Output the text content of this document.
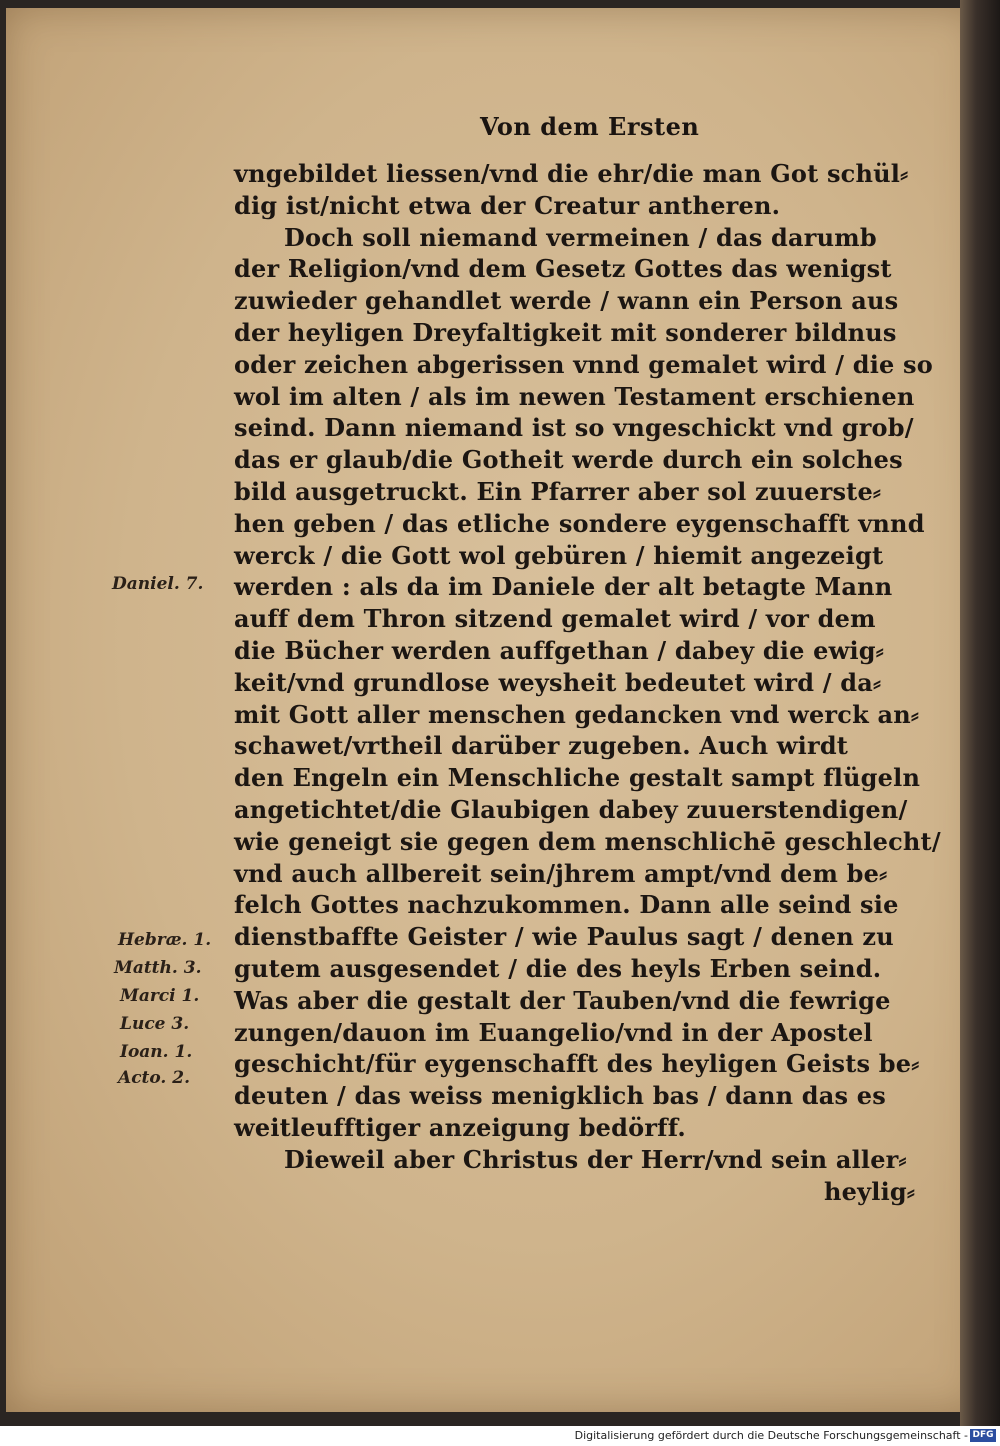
Von dem Ersten
vngebildet liessen/vnd die ehr/die man Got schül⸗
dig ist/nicht etwa der Creatur antheren.
Doch soll niemand vermeinen / das darumb
der Religion/vnd dem Gesetz Gottes das wenigst
zuwieder gehandlet werde / wann ein Person aus
der heyligen Dreyfaltigkeit mit sonderer bildnus
oder zeichen abgerissen vnnd gemalet wird / die so
wol im alten / als im newen Testament erschienen
seind. Dann niemand ist so vngeschickt vnd grob/
das er glaub/die Gotheit werde durch ein solches
bild ausgetruckt. Ein Pfarrer aber sol zuuerste⸗
hen geben / das etliche sondere eygenschafft vnnd
werck / die Gott wol gebüren / hiemit angezeigt
werden : als da im Daniele der alt betagte Mann
auff dem Thron sitzend gemalet wird / vor dem
die Bücher werden auffgethan / dabey die ewig⸗
keit/vnd grundlose weysheit bedeutet wird / da⸗
mit Gott aller menschen gedancken vnd werck an⸗
schawet/vrtheil darüber zugeben. Auch wirdt
den Engeln ein Menschliche gestalt sampt flügeln
angetichtet/die Glaubigen dabey zuuerstendigen/
wie geneigt sie gegen dem menschlichē geschlecht/
vnd auch allbereit sein/jhrem ampt/vnd dem be⸗
felch Gottes nachzukommen. Dann alle seind sie
dienstbaffte Geister / wie Paulus sagt / denen zu
gutem ausgesendet / die des heyls Erben seind.
Was aber die gestalt der Tauben/vnd die fewrige
zungen/dauon im Euangelio/vnd in der Apostel
geschicht/für eygenschafft des heyligen Geists be⸗
deuten / das weiss menigklich bas / dann das es
weitleufftiger anzeigung bedörff.
Dieweil aber Christus der Herr/vnd sein aller⸗
heylig⸗
Daniel. 7.
Hebræ. 1.
Matth. 3.
Marci 1.
Luce 3.
Ioan. 1.
Acto. 2.
Digitalisierung gefördert durch die Deutsche Forschungsgemeinschaft - DFG
